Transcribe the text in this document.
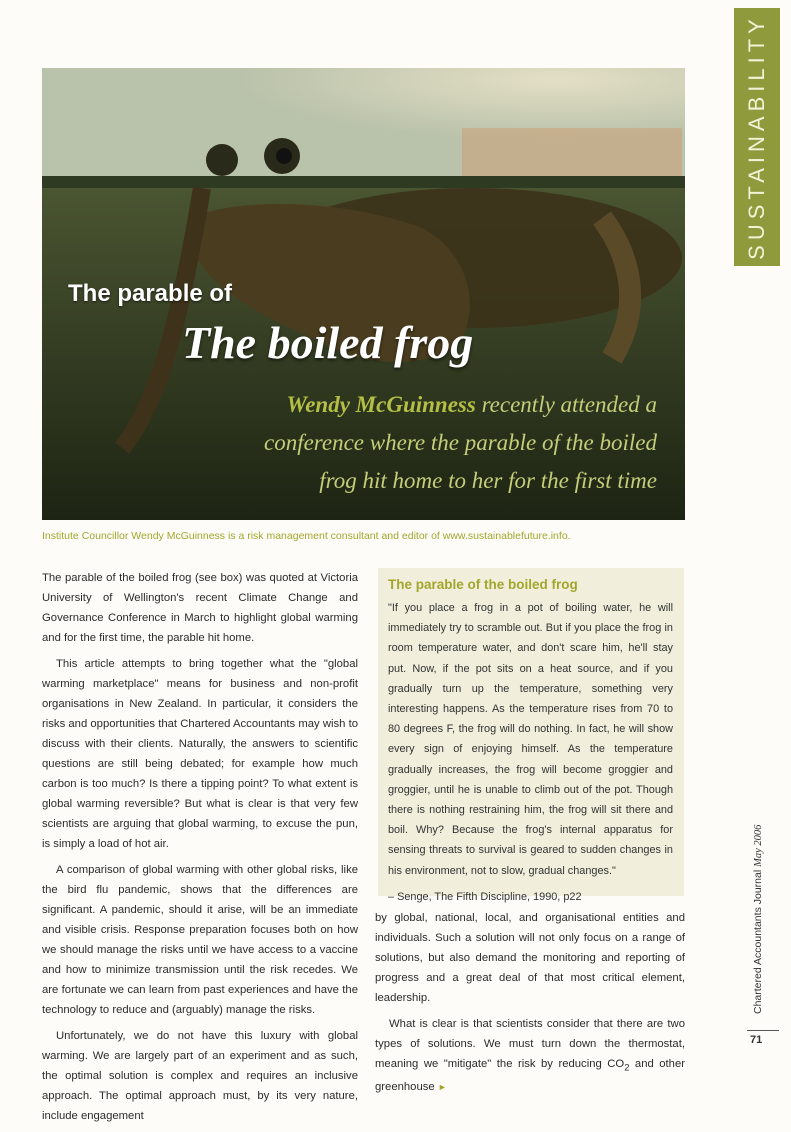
SUSTAINABILITY
The parable of
The boiled frog
Wendy McGuinness recently attended a conference where the parable of the boiled frog hit home to her for the first time
Institute Councillor Wendy McGuinness is a risk management consultant and editor of www.sustainablefuture.info.

The parable of the boiled frog (see box) was quoted at Victoria University of Wellington's recent Climate Change and Governance Conference in March to highlight global warming and for the first time, the parable hit home.

This article attempts to bring together what the "global warming marketplace" means for business and non-profit organisations in New Zealand. In particular, it considers the risks and opportunities that Chartered Accountants may wish to discuss with their clients. Naturally, the answers to scientific questions are still being debated; for example how much carbon is too much? Is there a tipping point? To what extent is global warming reversible? But what is clear is that very few scientists are arguing that global warming, to excuse the pun, is simply a load of hot air.

A comparison of global warming with other global risks, like the bird flu pandemic, shows that the differences are significant. A pandemic, should it arise, will be an immediate and visible crisis. Response preparation focuses both on how we should manage the risks until we have access to a vaccine and how to minimize transmission until the risk recedes. We are fortunate we can learn from past experiences and have the technology to reduce and (arguably) manage the risks.

Unfortunately, we do not have this luxury with global warming. We are largely part of an experiment and as such, the optimal solution is complex and requires an inclusive approach. The optimal approach must, by its very nature, include engagement

The parable of the boiled frog

"If you place a frog in a pot of boiling water, he will immediately try to scramble out. But if you place the frog in room temperature water, and don't scare him, he'll stay put. Now, if the pot sits on a heat source, and if you gradually turn up the temperature, something very interesting happens. As the temperature rises from 70 to 80 degrees F, the frog will do nothing. In fact, he will show every sign of enjoying himself. As the temperature gradually increases, the frog will become groggier and groggier, until he is unable to climb out of the pot. Though there is nothing restraining him, the frog will sit there and boil. Why? Because the frog's internal apparatus for sensing threats to survival is geared to sudden changes in his environment, not to slow, gradual changes."

– Senge, The Fifth Discipline, 1990, p22

by global, national, local, and organisational entities and individuals. Such a solution will not only focus on a range of solutions, but also demand the monitoring and reporting of progress and a great deal of that most critical element, leadership.

What is clear is that scientists consider that there are two types of solutions. We must turn down the thermostat, meaning we "mitigate" the risk by reducing $CO_2$ and other greenhouse ►

Chartered Accountants Journal May 2006
71
